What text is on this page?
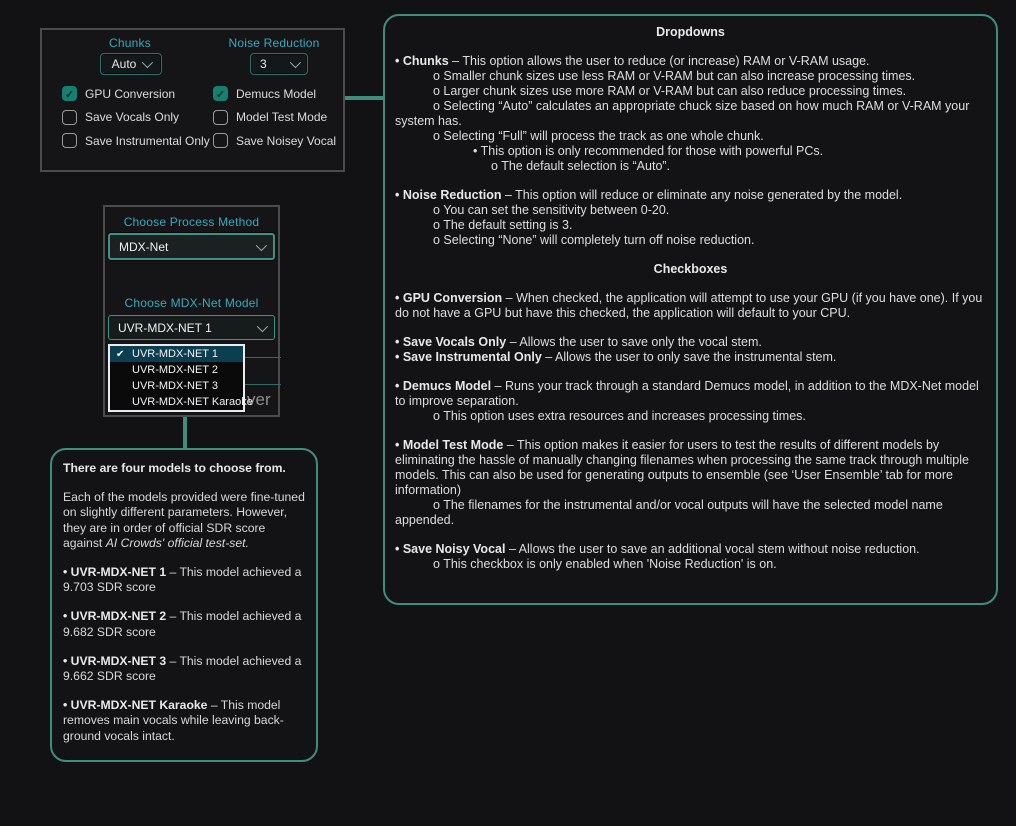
Chunks	Noise Reduction
Auto	3
✓
GPU Conversion
Save Vocals Only
Save Instrumental Only
✓
Demucs Model
Model Test Mode
Save Noisey Vocal
Choose Process Method
MDX-Net
Choose MDX-Net Model
UVR-MDX-NET 1
✔
UVR-MDX-NET 1
UVR-MDX-NET 2
UVR-MDX-NET 3
UVR-MDX-NET Karaoke
ver

There are four models to choose from.

Each of the models provided were fine-tuned on slightly different parameters. However, they are in order of official SDR score against AI Crowds' official test-set.

• UVR-MDX-NET 1 – This model achieved a 9.703 SDR score

• UVR-MDX-NET 2 – This model achieved a 9.682 SDR score

• UVR-MDX-NET 3 – This model achieved a 9.662 SDR score

• UVR-MDX-NET Karaoke – This model removes main vocals while leaving back-ground vocals intact.

Dropdowns
• Chunks – This option allows the user to reduce (or increase) RAM or V-RAM usage.
o Smaller chunk sizes use less RAM or V-RAM but can also increase processing times.
o Larger chunk sizes use more RAM or V-RAM but can also reduce processing times.
o Selecting “Auto” calculates an appropriate chuck size based on how much RAM or V-RAM your system has.
o Selecting “Full” will process the track as one whole chunk.
• This option is only recommended for those with powerful PCs.
o The default selection is “Auto”.
• Noise Reduction – This option will reduce or eliminate any noise generated by the model.
o You can set the sensitivity between 0-20.
o The default setting is 3.
o Selecting “None” will completely turn off noise reduction.
Checkboxes
• GPU Conversion – When checked, the application will attempt to use your GPU (if you have one). If you do not have a GPU but have this checked, the application will default to your CPU.
• Save Vocals Only – Allows the user to save only the vocal stem.
• Save Instrumental Only – Allows the user to only save the instrumental stem.
• Demucs Model – Runs your track through a standard Demucs model, in addition to the MDX-Net model to improve separation.
o This option uses extra resources and increases processing times.
• Model Test Mode – This option makes it easier for users to test the results of different models by eliminating the hassle of manually changing filenames when processing the same track through multiple models. This can also be used for generating outputs to ensemble (see ‘User Ensemble’ tab for more information)
o The filenames for the instrumental and/or vocal outputs will have the selected model name appended.
• Save Noisy Vocal – Allows the user to save an additional vocal stem without noise reduction.
o This checkbox is only enabled when 'Noise Reduction' is on.
